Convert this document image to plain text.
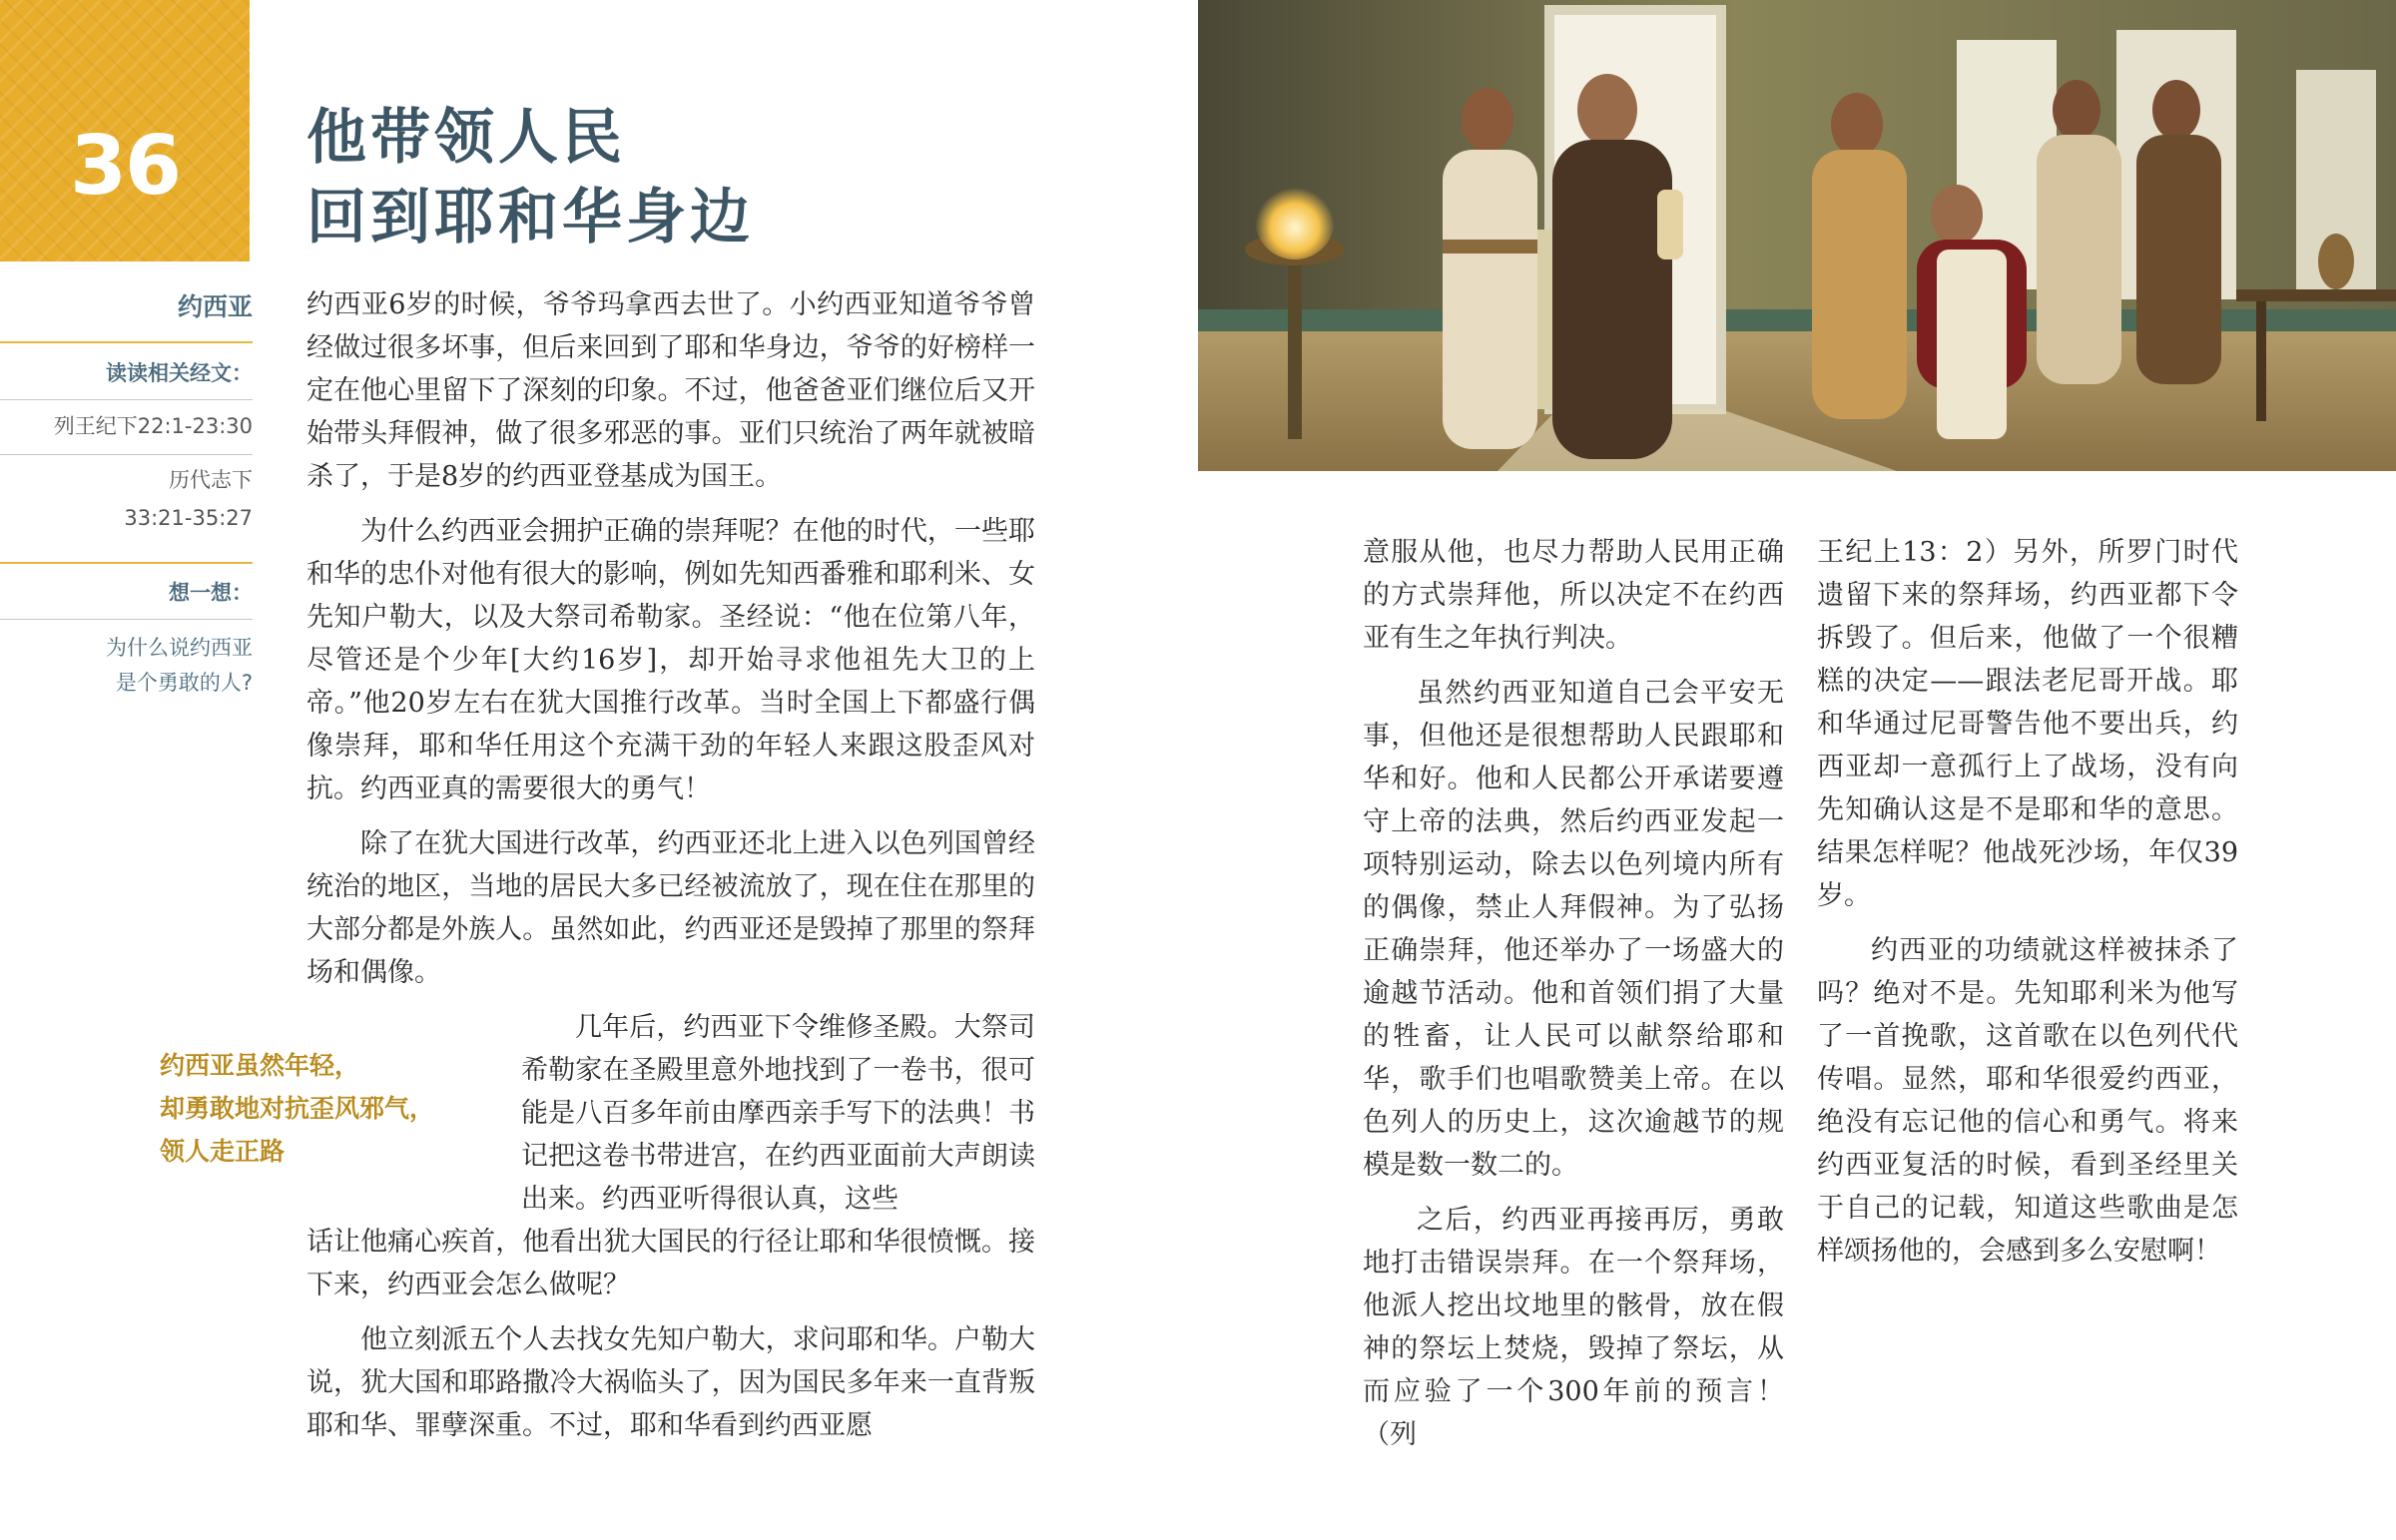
36	他带领人民
回到耶和华身边
约西亚
读读相关经文：
列王纪下22:1-23:30
历代志下
33:21-35:27
想一想：
为什么说约西亚
是个勇敢的人?
约西亚虽然年轻，
却勇敢地对抗歪风邪气，
领人走正路

约西亚6岁的时候，爷爷玛拿西去世了。小约西亚知道爷爷曾经做过很多坏事，但后来回到了耶和华身边，爷爷的好榜样一定在他心里留下了深刻的印象。不过，他爸爸亚们继位后又开始带头拜假神，做了很多邪恶的事。亚们只统治了两年就被暗杀了，于是8岁的约西亚登基成为国王。

为什么约西亚会拥护正确的崇拜呢？在他的时代，一些耶和华的忠仆对他有很大的影响，例如先知西番雅和耶利米、女先知户勒大，以及大祭司希勒家。圣经说：“他在位第八年，尽管还是个少年[大约16岁]，却开始寻求他祖先大卫的上帝。”他20岁左右在犹大国推行改革。当时全国上下都盛行偶像崇拜，耶和华任用这个充满干劲的年轻人来跟这股歪风对抗。约西亚真的需要很大的勇气！

除了在犹大国进行改革，约西亚还北上进入以色列国曾经统治的地区，当地的居民大多已经被流放了，现在住在那里的大部分都是外族人。虽然如此，约西亚还是毁掉了那里的祭拜场和偶像。

几年后，约西亚下令维修圣殿。大祭司希勒家在圣殿里意外地找到了一卷书，很可能是八百多年前由摩西亲手写下的法典！书记把这卷书带进宫，在约西亚面前大声朗读出来。约西亚听得很认真，这些

话让他痛心疾首，他看出犹大国民的行径让耶和华很愤慨。接下来，约西亚会怎么做呢？

他立刻派五个人去找女先知户勒大，求问耶和华。户勒大说，犹大国和耶路撒冷大祸临头了，因为国民多年来一直背叛耶和华、罪孽深重。不过，耶和华看到约西亚愿

意服从他，也尽力帮助人民用正确的方式崇拜他，所以决定不在约西亚有生之年执行判决。

虽然约西亚知道自己会平安无事，但他还是很想帮助人民跟耶和华和好。他和人民都公开承诺要遵守上帝的法典，然后约西亚发起一项特别运动，除去以色列境内所有的偶像，禁止人拜假神。为了弘扬正确崇拜，他还举办了一场盛大的逾越节活动。他和首领们捐了大量的牲畜，让人民可以献祭给耶和华，歌手们也唱歌赞美上帝。在以色列人的历史上，这次逾越节的规模是数一数二的。

之后，约西亚再接再厉，勇敢地打击错误崇拜。在一个祭拜场，他派人挖出坟地里的骸骨，放在假神的祭坛上焚烧，毁掉了祭坛，从而应验了一个300年前的预言！（列

王纪上13：2）另外，所罗门时代遗留下来的祭拜场，约西亚都下令拆毁了。但后来，他做了一个很糟糕的决定——跟法老尼哥开战。耶和华通过尼哥警告他不要出兵，约西亚却一意孤行上了战场，没有向先知确认这是不是耶和华的意思。结果怎样呢？他战死沙场，年仅39岁。

约西亚的功绩就这样被抹杀了吗？绝对不是。先知耶利米为他写了一首挽歌，这首歌在以色列代代传唱。显然，耶和华很爱约西亚，绝没有忘记他的信心和勇气。将来约西亚复活的时候，看到圣经里关于自己的记载，知道这些歌曲是怎样颂扬他的，会感到多么安慰啊！
